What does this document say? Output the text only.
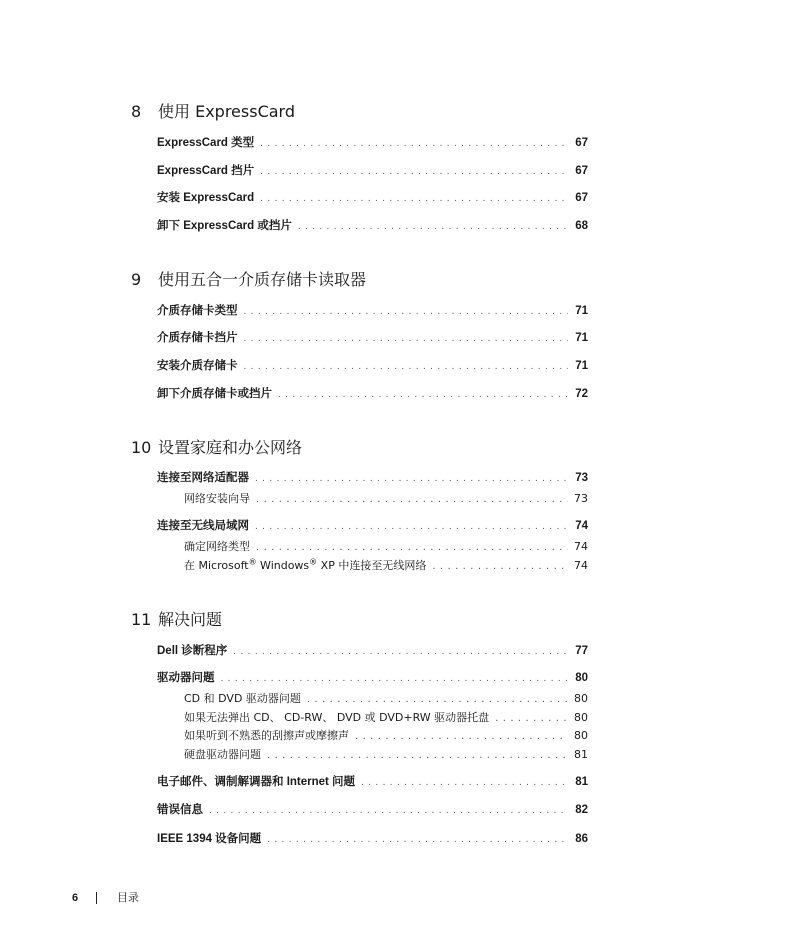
8 使用 ExpressCard
ExpressCard 类型 .....	67
ExpressCard 挡片 .....	67
安装 ExpressCard .....	67
卸下 ExpressCard 或挡片 .....	68
9 使用五合一介质存储卡读取器
介质存储卡类型 .....	71
介质存储卡挡片 .....	71
安装介质存储卡 .....	71
卸下介质存储卡或挡片 .....	72
10 设置家庭和办公网络
连接至网络适配器 .....	73
网络安装向导 .....	73
连接至无线局域网 .....	74
确定网络类型 .....	74
在 Microsoft® Windows® XP 中连接至无线网络 .....	74
11 解决问题
Dell 诊断程序 .....	77
驱动器问题 .....	80
CD 和 DVD 驱动器问题 .....	80
如果无法弹出 CD、 CD-RW、 DVD 或 DVD+RW 驱动器托盘 .....	80
如果听到不熟悉的刮擦声或摩擦声 .....	80
硬盘驱动器问题 .....	81
电子邮件、调制解调器和 Internet 问题 .....	81
错误信息 .....	82
IEEE 1394 设备问题 .....	86
6	目录
